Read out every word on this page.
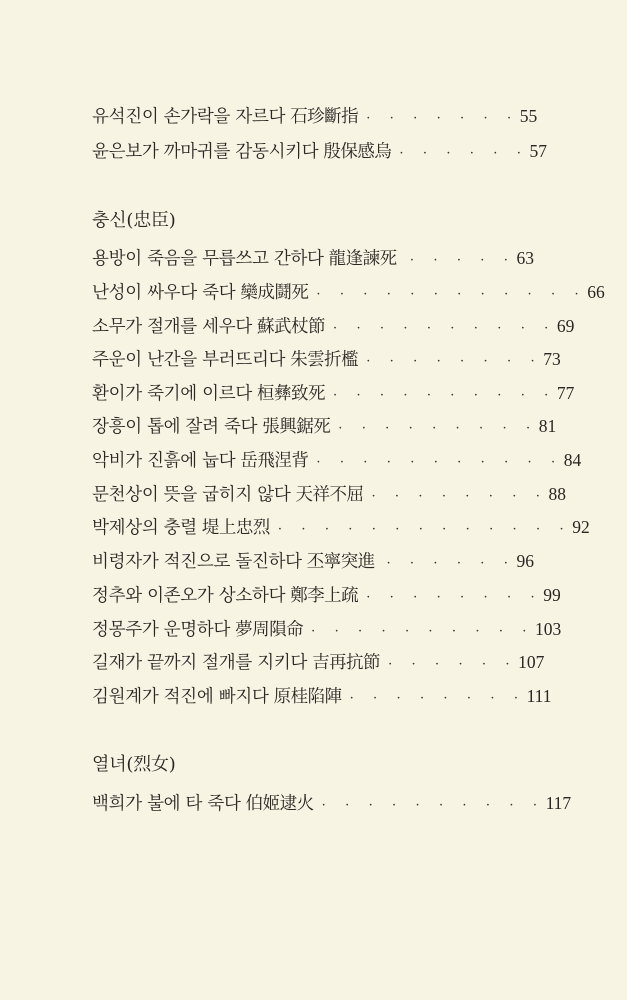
유석진이 손가락을 자르다 石珍斷指 · · · · · · · 55
윤은보가 까마귀를 감동시키다 殷保感烏 · · · · · · 57
충신(忠臣)
용방이 죽음을 무릅쓰고 간하다 龍逢諫死	· · · · · 63
난성이 싸우다 죽다 欒成鬪死 · · · · · · · · · · · · 66
소무가 절개를 세우다 蘇武杖節 · · · · · · · · · · 69
주운이 난간을 부러뜨리다 朱雲折檻 · · · · · · · · 73
환이가 죽기에 이르다 桓彝致死 · · · · · · · · · · 77
장흥이 톱에 잘려 죽다 張興鋸死 · · · · · · · · · 81
악비가 진흙에 눕다 岳飛涅背 · · · · · · · · · · · 84
문천상이 뜻을 굽히지 않다 天祥不屈 · · · · · · · · 88
박제상의 충렬 堤上忠烈 · · · · · · · · · · · · · 92
비령자가 적진으로 돌진하다 丕寧突進 · · · · · · 96
정추와 이존오가 상소하다 鄭李上疏 · · · · · · · · 99
정몽주가 운명하다 夢周隕命 · · · · · · · · · · 103
길재가 끝까지 절개를 지키다 吉再抗節 · · · · · · 107
김원계가 적진에 빠지다 原桂陷陣 · · · · · · · · 111
열녀(烈女)
백희가 불에 타 죽다 伯姬逮火 · · · · · · · · · · 117
